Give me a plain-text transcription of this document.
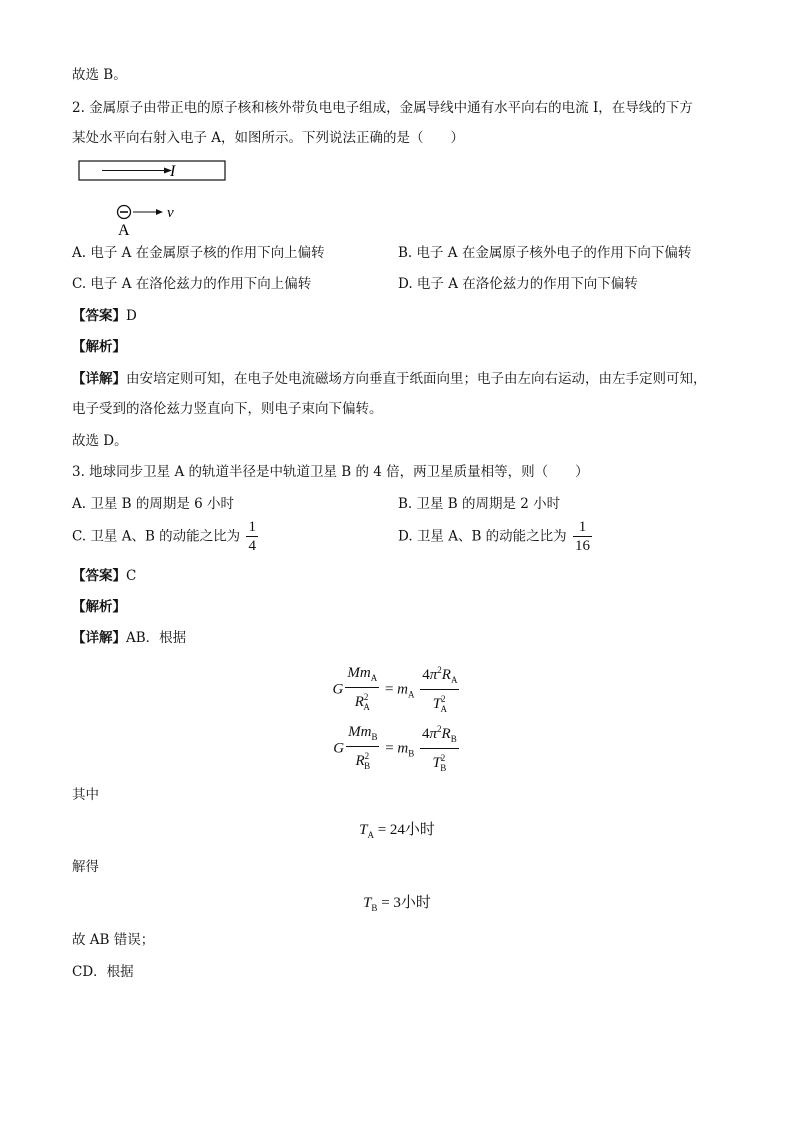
故选 B。
2. 金属原子由带正电的原子核和核外带负电电子组成，金属导线中通有水平向右的电流 I，在导线的下方
某处水平向右射入电子 A，如图所示。下列说法正确的是（　　）
I
v
A
A. 电子 A 在金属原子核的作用下向上偏转	B. 电子 A 在金属原子核外电子的作用下向下偏转
C. 电子 A 在洛伦兹力的作用下向上偏转	D. 电子 A 在洛伦兹力的作用下向下偏转
【答案】D
【解析】
【详解】由安培定则可知，在电子处电流磁场方向垂直于纸面向里；电子由左向右运动，由左手定则可知，
电子受到的洛伦兹力竖直向下，则电子束向下偏转。
故选 D。
3. 地球同步卫星 A 的轨道半径是中轨道卫星 B 的 4 倍，两卫星质量相等，则（　　）
A. 卫星 B 的周期是 6 小时	B. 卫星 B 的周期是 2 小时
C. 卫星 A、B 的动能之比为 $\frac{1}{4}$	D. 卫星 A、B 的动能之比为 $\frac{1}{16}$
【答案】C
【解析】
【详解】AB．根据
G $\frac{Mm_A}{R^2_A} = m_A \frac{4\pi^2R_A}{T^2_A}$
G $\frac{Mm_B}{R^2_B} = m_B \frac{4\pi^2R_B}{T^2_B}$
其中
$T_A = 24$小时
解得
$T_B = 3$小时
故 AB 错误；
CD．根据
